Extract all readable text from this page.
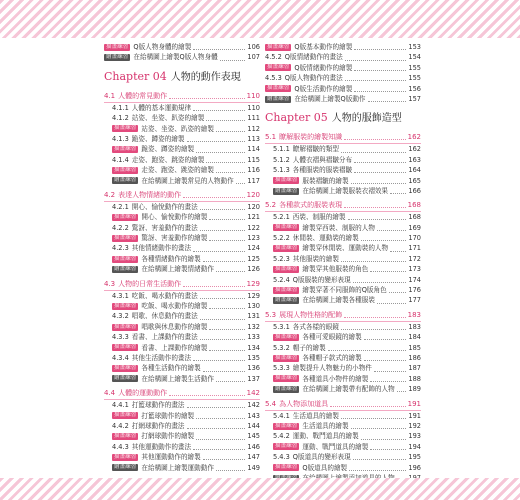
描畫練習 Q版人物身體的繪製	106
繪畫練習 在給構圖上繪製Q版人物身體	107
Chapter 04 人物的動作表現
4.1 人體的常見動作	110
4.1.1 人體的基本運動規律	110
4.1.2 站姿、坐姿、趴姿的繪製	111
描畫練習 站姿、坐姿、趴姿的繪製	112
4.1.3 跪姿、蹲姿的繪製	113
描畫練習 跪姿、蹲姿的繪製	114
4.1.4 走姿、跑姿、跳姿的繪製	115
描畫練習 走姿、跑姿、跳姿的繪製	116
繪畫練習 在給構圖上繪製常見的人物動作 117
4.2 表達人物情緒的動作	120
4.2.1 開心、愉悅動作的畫法	120
描畫練習 開心、愉悅動作的繪製	121
4.2.2 驚訝、害羞動作的畫法	122
描畫練習 驚訝、害羞動作的繪製	123
4.2.3 其他情緒動作的畫法	124
描畫練習 各種情緒動作的繪製	125
繪畫練習 在給構圖上繪製情緒動作	126
4.3 人物的日常生活動作	129
4.3.1 吃飯、喝水動作的畫法	129
描畫練習 吃飯、喝水動作的繪製	130
4.3.2 唱歌、休息動作的畫法	131
描畫練習 唱歌與休息動作的繪製	132
4.3.3 看書、上課動作的畫法	133
描畫練習 看書、上課動作的繪製	134
4.3.4 其他生活動作的畫法	135
描畫練習 各種生活動作的繪製	136
繪畫練習 在給構圖上繪製生活動作	137
4.4 人體的運動動作	142
4.4.1 打籃球動作的畫法	142
描畫練習 打籃球動作的繪製	143
4.4.2 打網球動作的畫法	144
描畫練習 打網球動作的繪製	145
4.4.3 其他運動動作的畫法	146
描畫練習 其他運動動作的繪製	147
繪畫練習 在給構圖上繪製運動動作	149
描畫練習 Q版基本動作的繪製	153
4.5.2 Q版情緒動作的畫法	154
描畫練習 Q版情緒動作的繪製	155
4.5.3 Q版人物動作的畫法	155
描畫練習 Q版生活動作的繪製	156
繪畫練習 在給構圖上繪製Q版動作	157
Chapter 05 人物的服飾造型
5.1 瞭解服裝的繪製知識	162
5.1.1 瞭解褶皺的類型	162
5.1.2 人體衣褶與褶皺分布	163
5.1.3 各種服裝的服裝褶皺	164
描畫練習 服裝褶皺的繪製	165
繪畫練習 在給構圖上繪製服裝衣褶效果	166
5.2 各種款式的服裝表現	168
5.2.1 西裝、制服的繪製	168
描畫練習 繪製穿西裝、制服的人物	169
5.2.2 休閒裝、運動裝的繪製	170
描畫練習 繪製穿休閒裝、運動裝的人物	171
5.2.3 其他服裝的繪製	172
描畫練習 繪製穿其他服裝的角色	173
5.2.4 Q版服裝的變形表現	174
描畫練習 繪製穿著不同服飾的Q版角色	176
繪畫練習 在給構圖上繪製各種服裝	177
5.3 展現人物性格的配飾	183
5.3.1 各式各樣的眼鏡	183
描畫練習 各種可愛眼鏡的繪製	184
5.3.2 帽子的繪製	185
描畫練習 各種帽子款式的繪製	186
5.3.3 繪製提升人物魅力的小物件	187
描畫練習 各種道具小物件的繪製	188
繪畫練習 在給構圖上繪製帶有配飾的人物 189
5.4 為人物添加道具	191
5.4.1 生活道具的繪製	191
描畫練習 生活道具的繪製	192
5.4.2 運動、戰鬥道具的繪製	193
描畫練習 運動、戰鬥道具的繪製	194
5.4.3 Q版道具的變形表現	195
描畫練習 Q版道具的繪製	196
